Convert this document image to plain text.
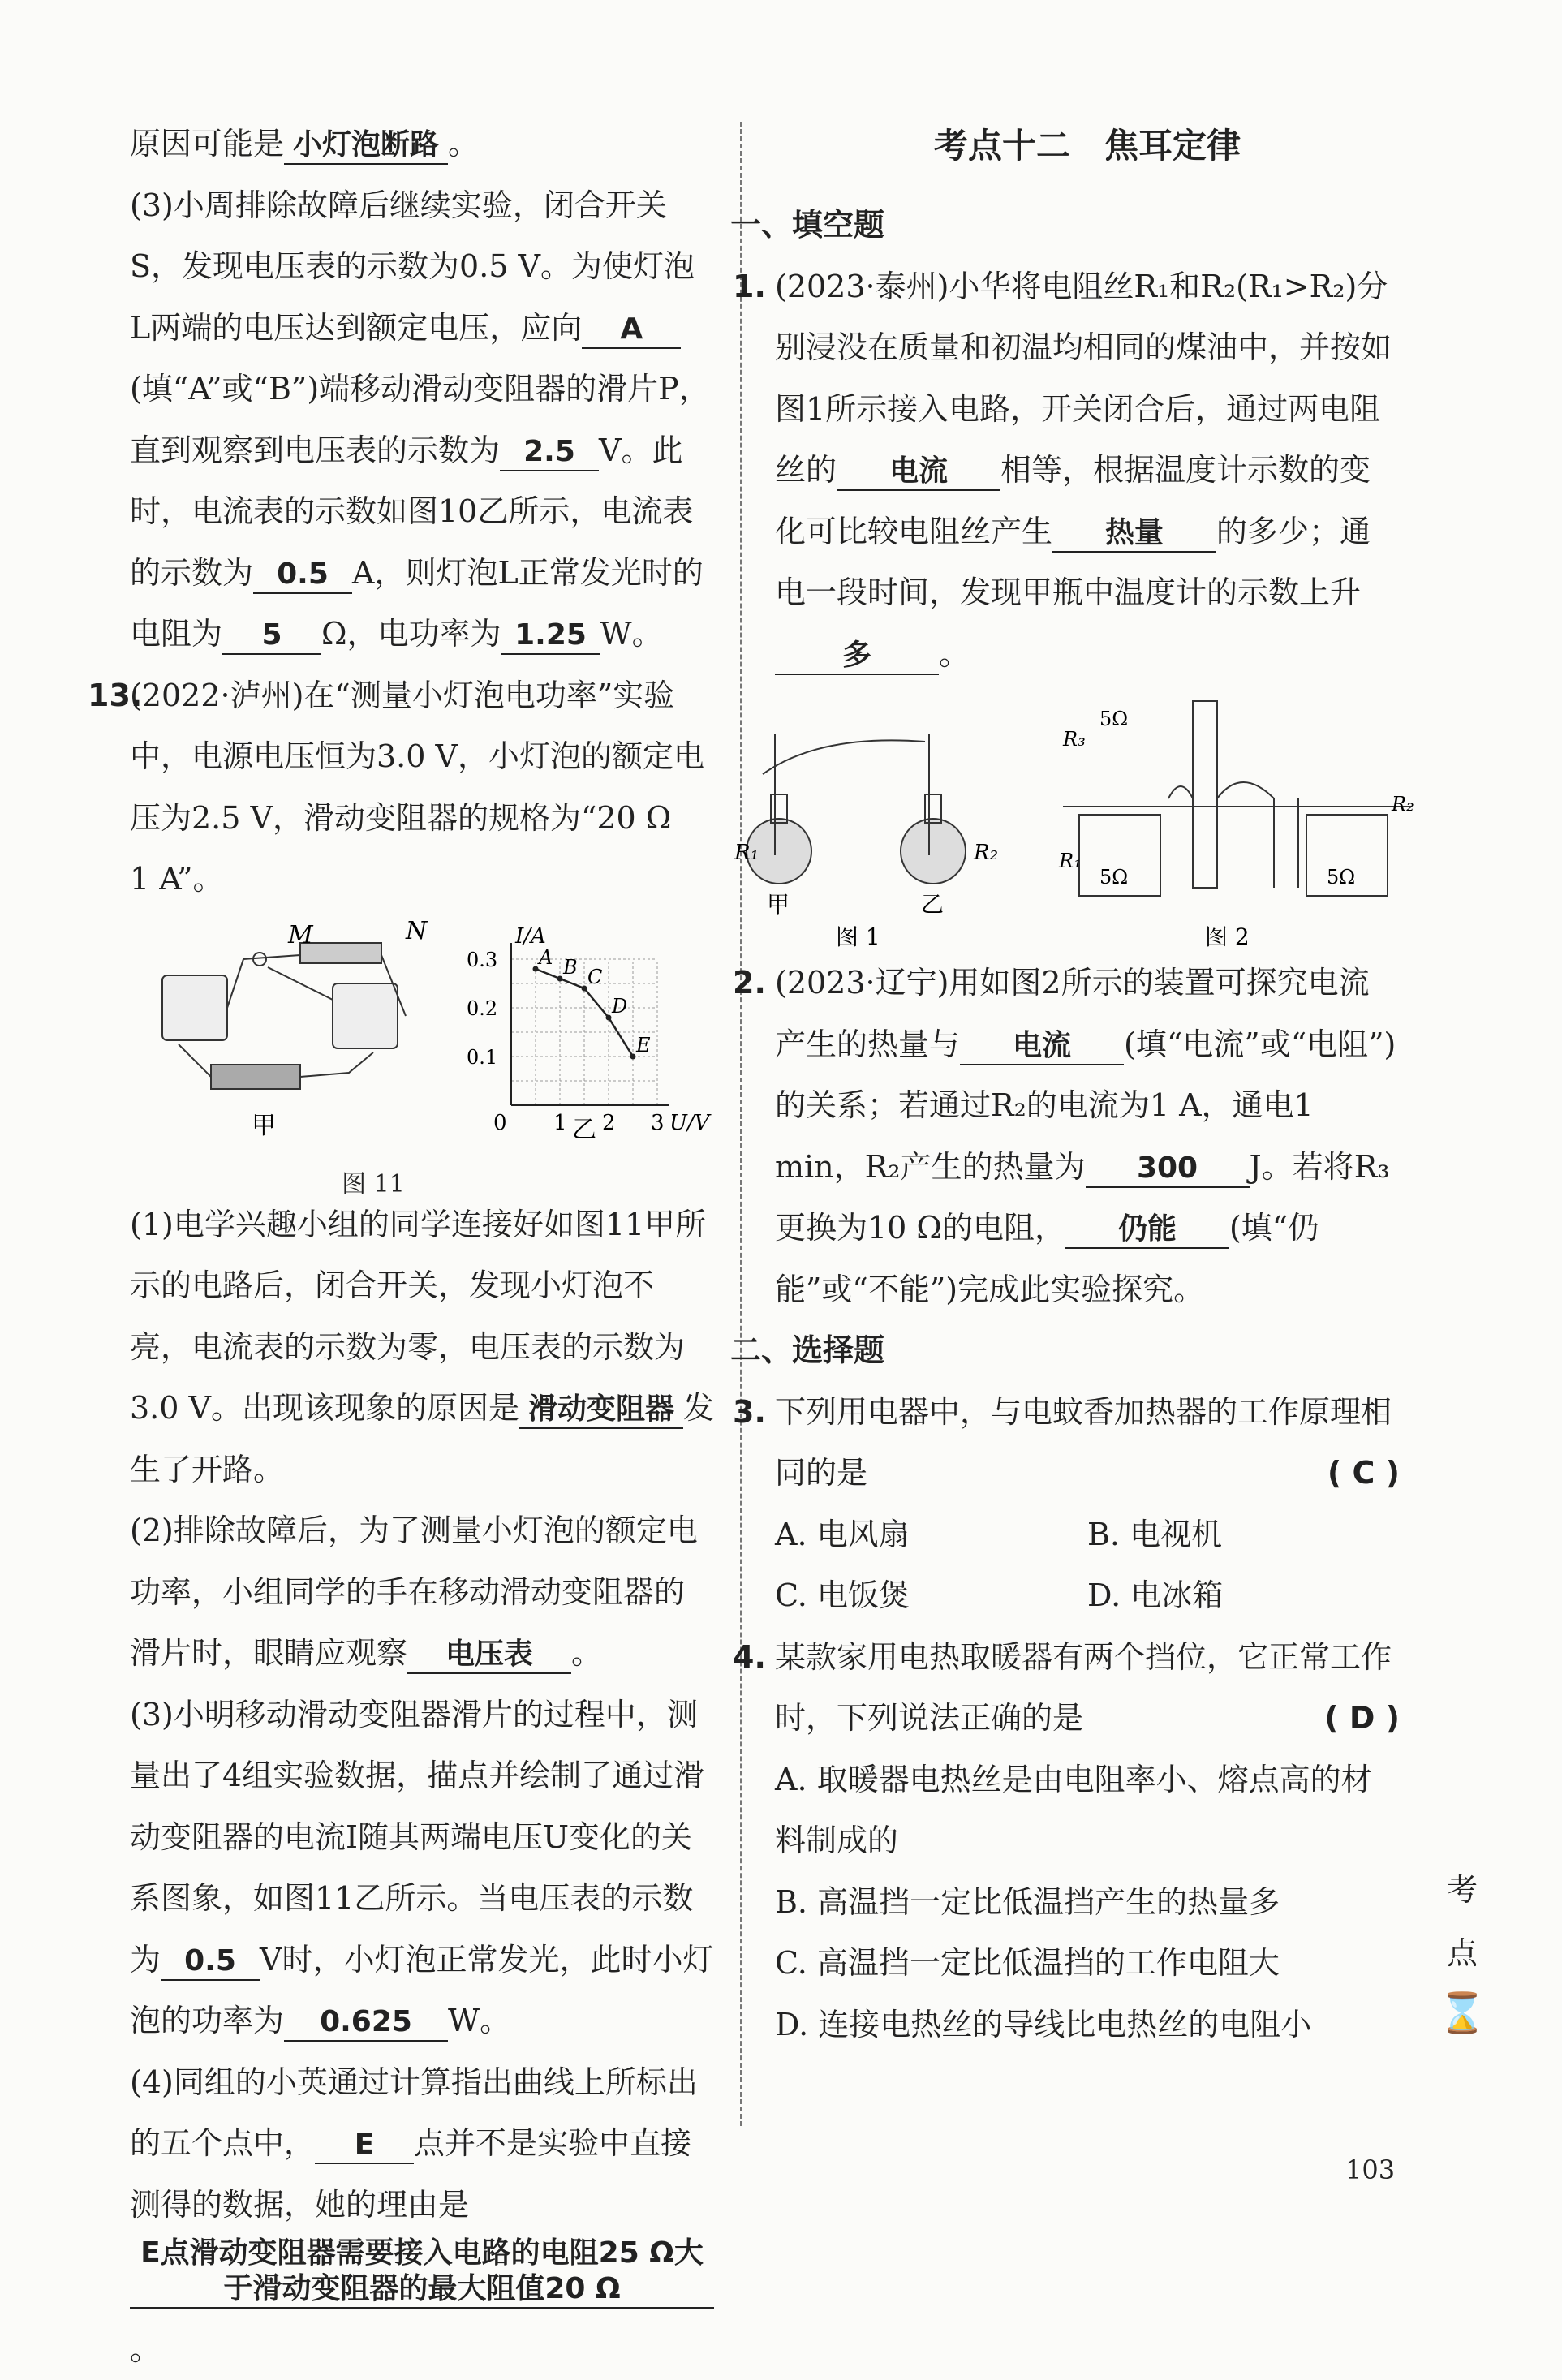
原因可能是 小灯泡断路 。

(3)小周排除故障后继续实验，闭合开关S，发现电压表的示数为0.5 V。为使灯泡L两端的电压达到额定电压，应向 A(填“A”或“B”)端移动滑动变阻器的滑片P，直到观察到电压表的示数为 2.5 V。此时，电流表的示数如图10乙所示，电流表的示数为 0.5 A，则灯泡L正常发光时的电阻为 5 Ω，电功率为 1.25 W。

13.
(2022·泸州)在“测量小灯泡电功率”实验中，电源电压恒为3.0 V，小灯泡的额定电压为2.5 V，滑动变阻器的规格为“20 Ω　1 A”。

M	N
甲	0 1 2 3
0.1
0.2
0.3
I/A
U/V
A B C
D
E
乙
图 11

(1)电学兴趣小组的同学连接好如图11甲所示的电路后，闭合开关，发现小灯泡不亮，电流表的示数为零，电压表的示数为3.0 V。出现该现象的原因是 滑动变阻器 发生了开路。

(2)排除故障后，为了测量小灯泡的额定电功率，小组同学的手在移动滑动变阻器的滑片时，眼睛应观察 电压表 。

(3)小明移动滑动变阻器滑片的过程中，测量出了4组实验数据，描点并绘制了通过滑动变阻器的电流I随其两端电压U变化的关系图象，如图11乙所示。当电压表的示数为 0.5 V时，小灯泡正常发光，此时小灯泡的功率为 0.625 W。

(4)同组的小英通过计算指出曲线上所标出的五个点中， E 点并不是实验中直接测得的数据，她的理由是E点滑动变阻器需要接入电路的电阻25 Ω大于滑动变阻器的最大阻值20 Ω。

考点十二　焦耳定律
一、填空题

1. (2023·泰州)小华将电阻丝R₁和R₂(R₁>R₂)分别浸没在质量和初温均相同的煤油中，并按如图1所示接入电路，开关闭合后，通过两电阻丝的 电流 相等，根据温度计示数的变化可比较电阻丝产生 热量 的多少；通电一段时间，发现甲瓶中温度计的示数上升多 。

R₁	R₂
甲	乙
图 1
5Ω	5Ω
5Ω
R₃
R₁
R₂
图 2

2. (2023·辽宁)用如图2所示的装置可探究电流产生的热量与 电流 (填“电流”或“电阻”)的关系；若通过R₂的电流为1 A，通电1 min，R₂产生的热量为 300 J。若将R₃更换为10 Ω的电阻， 仍能 (填“仍能”或“不能”)完成此实验探究。

二、选择题

3. 下列用电器中，与电蚊香加热器的工作原理相同的是	( C )

A. 电风扇	B. 电视机
C. 电饭煲	D. 电冰箱

4. 某款家用电热取暖器有两个挡位，它正常工作时，下列说法正确的是	( D )

A. 取暖器电热丝是由电阻率小、熔点高的材料制成的

B. 高温挡一定比低温挡产生的热量多

C. 高温挡一定比低温挡的工作电阻大

D. 连接电热丝的导线比电热丝的电阻小

考
点
⌛
103
